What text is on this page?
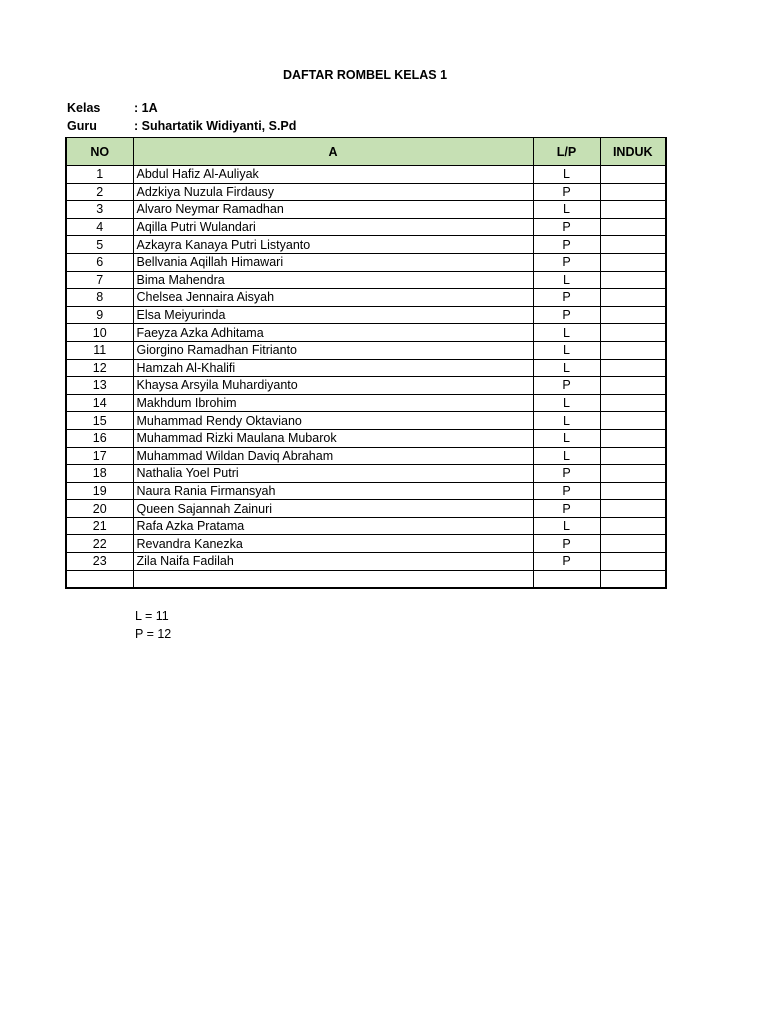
DAFTAR ROMBEL KELAS 1
Kelas	: 1A
Guru	: Suhartatik Widiyanti, S.Pd
NO	A	L/P	INDUK
1	Abdul Hafiz Al-Auliyak	L	
2	Adzkiya Nuzula Firdausy	P	
3	Alvaro Neymar Ramadhan	L	
4	Aqilla Putri Wulandari	P	
5	Azkayra Kanaya Putri Listyanto	P	
6	Bellvania Aqillah Himawari	P	
7	Bima Mahendra	L	
8	Chelsea Jennaira Aisyah	P	
9	Elsa Meiyurinda	P	
10	Faeyza Azka Adhitama	L	
11	Giorgino Ramadhan Fitrianto	L	
12	Hamzah Al-Khalifi	L	
13	Khaysa Arsyila Muhardiyanto	P	
14	Makhdum Ibrohim	L	
15	Muhammad Rendy Oktaviano	L	
16	Muhammad Rizki Maulana Mubarok	L	
17	Muhammad Wildan Daviq Abraham	L	
18	Nathalia Yoel Putri	P	
19	Naura Rania Firmansyah	P	
20	Queen Sajannah Zainuri	P	
21	Rafa Azka Pratama	L	
22	Revandra Kanezka	P	
23	Zila Naifa Fadilah	P	

L = 11
P = 12
